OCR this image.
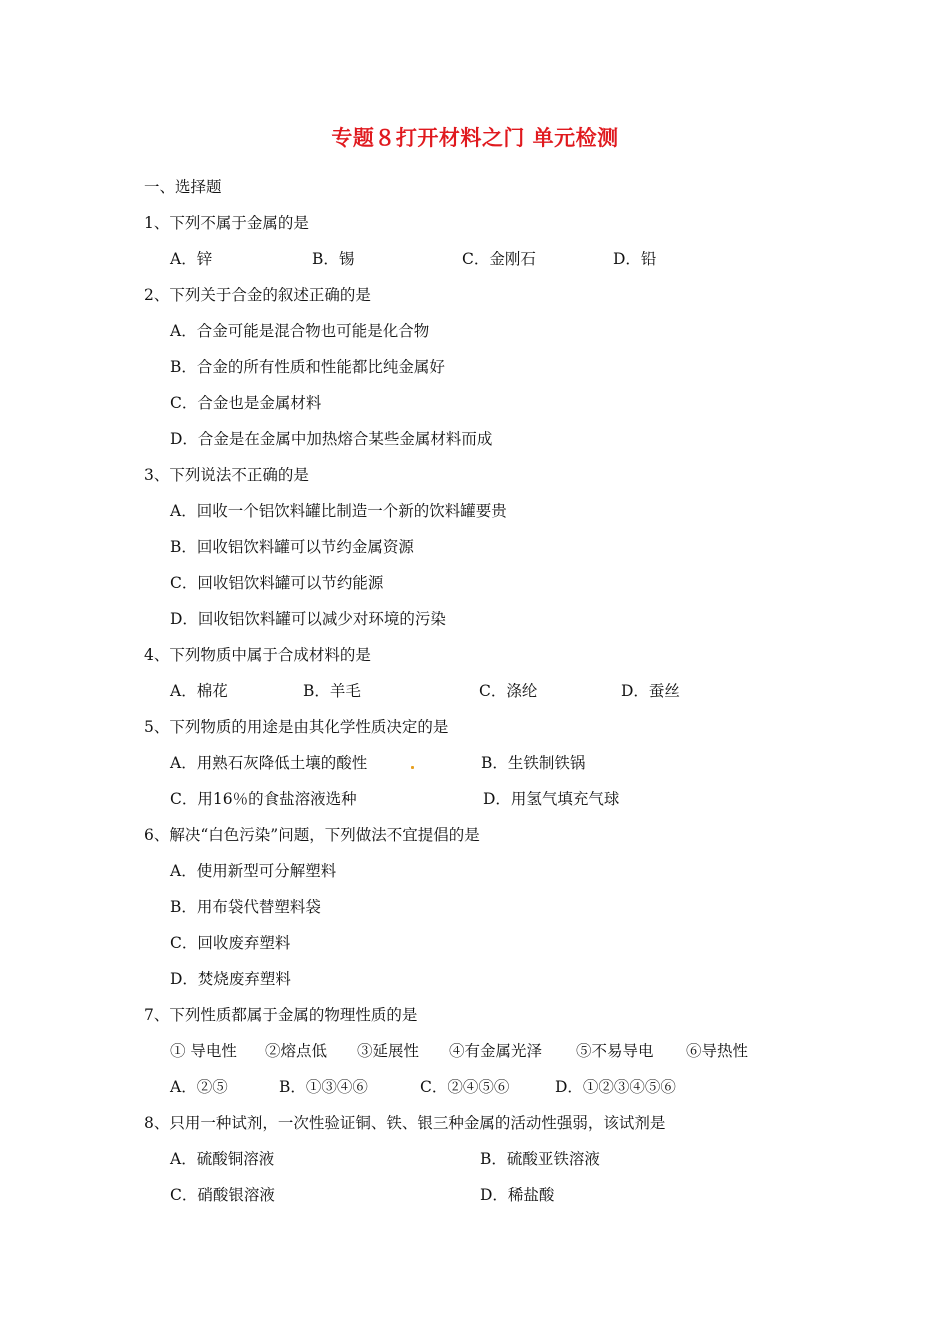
专题８打开材料之门 单元检测
一、选择题
1、下列不属于金属的是
A．锌	B．锡	C．金刚石	D．铅
2、下列关于合金的叙述正确的是
A．合金可能是混合物也可能是化合物
B．合金的所有性质和性能都比纯金属好
C．合金也是金属材料
D．合金是在金属中加热熔合某些金属材料而成
3、下列说法不正确的是
A．回收一个铝饮料罐比制造一个新的饮料罐要贵
B．回收铝饮料罐可以节约金属资源
C．回收铝饮料罐可以节约能源
D．回收铝饮料罐可以减少对环境的污染
4、下列物质中属于合成材料的是
A．棉花	B．羊毛	C．涤纶	D．蚕丝
5、下列物质的用途是由其化学性质决定的是
A．用熟石灰降低土壤的酸性	B．生铁制铁锅
C．用16％的食盐溶液选种	D．用氢气填充气球
6、解决“白色污染”问题，下列做法不宜提倡的是
A．使用新型可分解塑料
B．用布袋代替塑料袋
C．回收废弃塑料
D．焚烧废弃塑料
7、下列性质都属于金属的物理性质的是
① 导电性 ②熔点低 ③延展性 ④有金属光泽 ⑤不易导电 ⑥导热性
A．②⑤	B．①③④⑥	C．②④⑤⑥	D．①②③④⑤⑥
8、只用一种试剂，一次性验证铜、铁、银三种金属的活动性强弱，该试剂是
A．硫酸铜溶液	B．硫酸亚铁溶液
C．硝酸银溶液	D．稀盐酸
